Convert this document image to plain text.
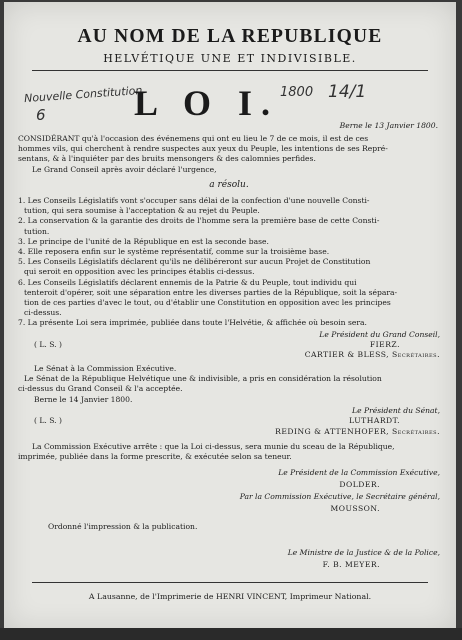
AU NOM DE LA REPUBLIQUE
HELVÉTIQUE UNE ET INDIVISIBLE.
Nouvelle Constitution
6
1800 14/1
L O I.
Berne le 13 Janvier 1800.

CONSIDÉRANT qu'à l'occasion des événemens qui ont eu lieu le 7 de ce mois, il est de ces

hommes vils, qui cherchent à rendre suspectes aux yeux du Peuple, les intentions de ses Repré-

sentans, & à l'inquiéter par des bruits mensongers & des calomnies perfides.

Le Grand Conseil après avoir déclaré l'urgence,

a résolu.

1. Les Conseils Législatifs vont s'occuper sans délai de la confection d'une nouvelle Consti-

tution, qui sera soumise à l'acceptation & au rejet du Peuple.

2. La conservation & la garantie des droits de l'homme sera la première base de cette Consti-

tution.

3. Le principe de l'unité de la République en est la seconde base.

4. Elle reposera enfin sur le système représentatif, comme sur la troisième base.

5. Les Conseils Législatifs déclarent qu'ils ne délibéreront sur aucun Projet de Constitution

qui seroit en opposition avec les principes établis ci-dessus.

6. Les Conseils Législatifs déclarent ennemis de la Patrie & du Peuple, tout individu qui

tenteroit d'opérer, soit une séparation entre les diverses parties de la République, soit la sépara-

tion de ces parties d'avec le tout, ou d'établir une Constitution en opposition avec les principes

ci-dessus.

7. La présente Loi sera imprimée, publiée dans toute l'Helvétie, & affichée où besoin sera.

Le Président du Grand Conseil,
( L. S. )	FIERZ.
CARTIER & BLESS, Secrétaires.

Le Sénat à la Commission Exécutive.

Le Sénat de la République Helvétique une & indivisible, a pris en considération la résolution

ci-dessus du Grand Conseil & l'a acceptée.

Berne le 14 Janvier 1800.

Le Président du Sénat,
( L. S. )	LUTHARDT.
REDING & ATTENHOFER, Secrétaires.

La Commission Exécutive arrête : que la Loi ci-dessus, sera munie du sceau de la République,

imprimée, publiée dans la forme prescrite, & exécutée selon sa teneur.

Le Président de la Commission Exécutive,
DOLDER.
Par la Commission Exécutive, le Secrétaire général,
MOUSSON.
Ordonné l'impression & la publication.
Le Ministre de la Justice & de la Police,
F. B. MEYER.
A Lausanne, de l'Imprimerie de HENRI VINCENT, Imprimeur National.
